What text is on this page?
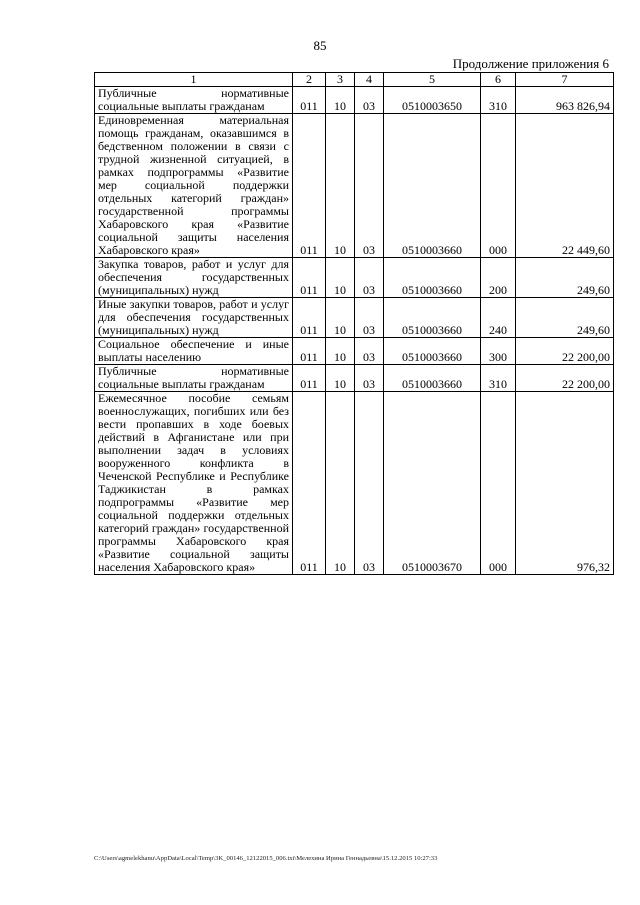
85
Продолжение приложения 6
1	2	3	4	5	6	7
Публичные нормативные социальные выплаты гражданам	011	10	03	0510003650	310	963 826,94
Единовременная материальная помощь гражданам, оказавшимся в бедственном положении в связи с трудной жизненной ситуацией, в рамках подпрограммы «Развитие мер социальной поддержки отдельных категорий граждан» государственной программы Хабаровского края «Развитие социальной защиты населения Хабаровского края»	011	10	03	0510003660	000	22 449,60
Закупка товаров, работ и услуг для обеспечения государственных (муниципальных) нужд	011	10	03	0510003660	200	249,60
Иные закупки товаров, работ и услуг для обеспечения государственных (муниципальных) нужд	011	10	03	0510003660	240	249,60
Социальное обеспечение и иные выплаты населению	011	10	03	0510003660	300	22 200,00
Публичные нормативные социальные выплаты гражданам	011	10	03	0510003660	310	22 200,00
Ежемесячное пособие семьям военнослужащих, погибших или без вести пропавших в ходе боевых действий в Афганистане или при выполнении задач в условиях вооруженного конфликта в Чеченской Республике и Республике Таджикистан в рамках подпрограммы «Развитие мер социальной поддержки отдельных категорий граждан» государственной программы Хабаровского края «Развитие социальной защиты населения Хабаровского края»	011	10	03	0510003670	000	976,32
C:\Users\agmelekhanu\AppData\Local\Temp\3K_00146_12122015_006.txt\Мелехина Ирина Геннадьевна\15.12.2015 10:27:33
